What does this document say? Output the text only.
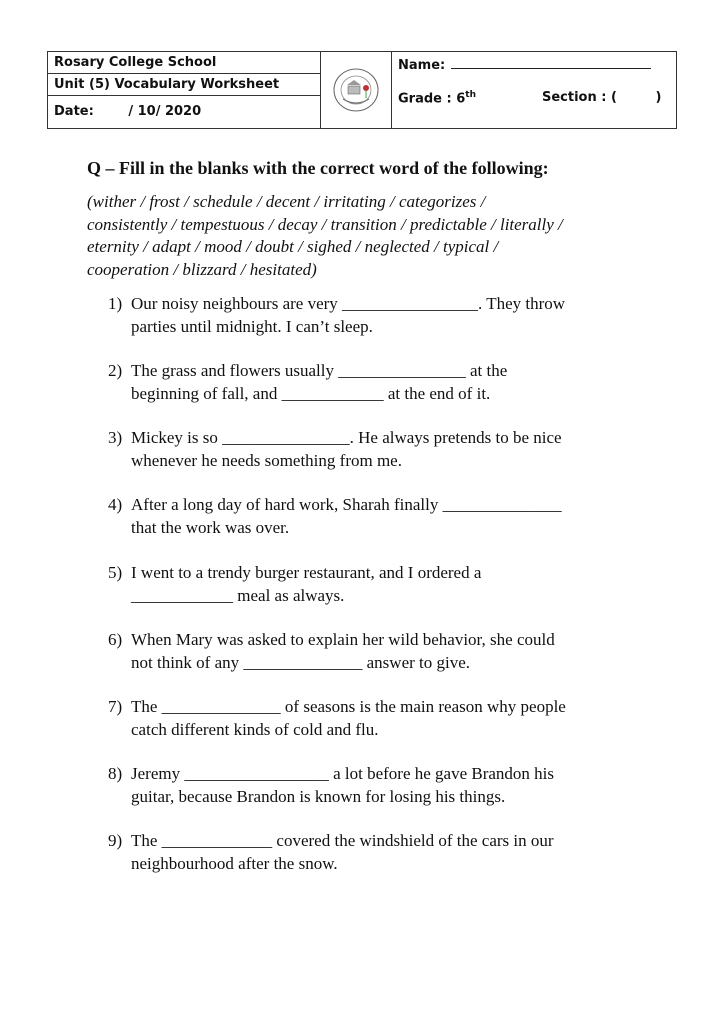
Rosary College School
Unit (5) Vocabulary Worksheet
Date:	/ 10/ 2020
Name:
Grade : 6th	Section : (	)
Q – Fill in the blanks with the correct word of the following:
(wither / frost / schedule / decent / irritating / categorizes /
consistently / tempestuous / decay / transition / predictable / literally /
eternity / adapt / mood / doubt / sighed / neglected / typical /
cooperation / blizzard / hesitated)
1) Our noisy neighbours are very ________________. They throw
parties until midnight. I can’t sleep.
2) The grass and flowers usually _______________ at the
beginning of fall, and ____________ at the end of it.
3) Mickey is so _______________. He always pretends to be nice
whenever he needs something from me.
4) After a long day of hard work, Sharah finally ______________
that the work was over.
5) I went to a trendy burger restaurant, and I ordered a
____________ meal as always.
6) When Mary was asked to explain her wild behavior, she could
not think of any ______________ answer to give.
7) The ______________ of seasons is the main reason why people
catch different kinds of cold and flu.
8) Jeremy _________________ a lot before he gave Brandon his
guitar, because Brandon is known for losing his things.
9) The _____________ covered the windshield of the cars in our
neighbourhood after the snow.
